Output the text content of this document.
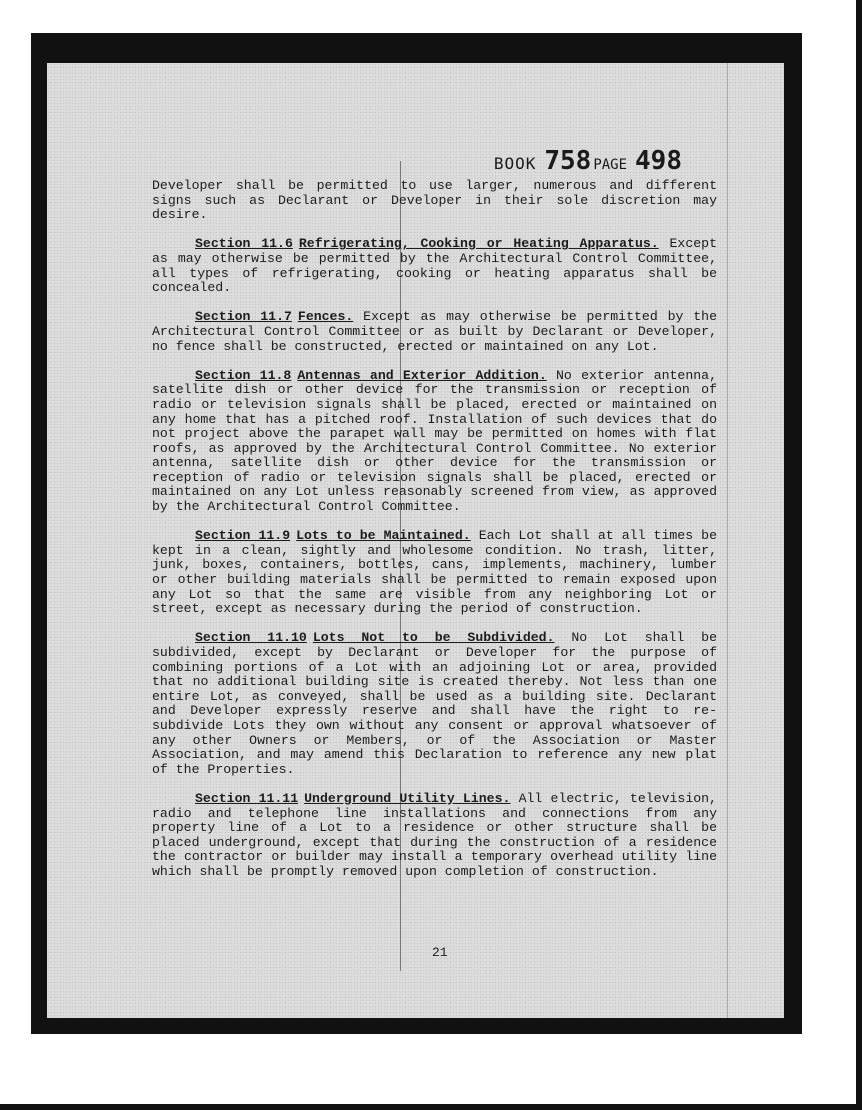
BOOK 758 PAGE 498

Developer shall be permitted to use larger, numerous and different signs such as Declarant or Developer in their sole discretion may desire.

Section 11.6 Refrigerating, Cooking or Heating Apparatus. Except as may otherwise be permitted by the Architectural Control Committee, all types of refrigerating, cooking or heating apparatus shall be concealed.

Section 11.7 Fences. Except as may otherwise be permitted by the Architectural Control Committee or as built by Declarant or Developer, no fence shall be constructed, erected or maintained on any Lot.

Section 11.8 Antennas and Exterior Addition. No exterior antenna, satellite dish or other device for the transmission or reception of radio or television signals shall be placed, erected or maintained on any home that has a pitched roof. Installation of such devices that do not project above the parapet wall may be permitted on homes with flat roofs, as approved by the Architectural Control Committee. No exterior antenna, satellite dish or other device for the transmission or reception of radio or television signals shall be placed, erected or maintained on any Lot unless reasonably screened from view, as approved by the Architectural Control Committee.

Section 11.9 Lots to be Maintained. Each Lot shall at all times be kept in a clean, sightly and wholesome condition. No trash, litter, junk, boxes, containers, bottles, cans, implements, machinery, lumber or other building materials shall be permitted to remain exposed upon any Lot so that the same are visible from any neighboring Lot or street, except as necessary during the period of construction.

Section 11.10 Lots Not to be Subdivided. No Lot shall be subdivided, except by Declarant or Developer for the purpose of combining portions of a Lot with an adjoining Lot or area, provided that no additional building site is created thereby. Not less than one entire Lot, as conveyed, shall be used as a building site. Declarant and Developer expressly reserve and shall have the right to re-subdivide Lots they own without any consent or approval whatsoever of any other Owners or Members, or of the Association or Master Association, and may amend this Declaration to reference any new plat of the Properties.

Section 11.11 Underground Utility Lines. All electric, television, radio and telephone line installations and connections from any property line of a Lot to a residence or other structure shall be placed underground, except that during the construction of a residence the contractor or builder may install a temporary overhead utility line which shall be promptly removed upon completion of construction.

21
